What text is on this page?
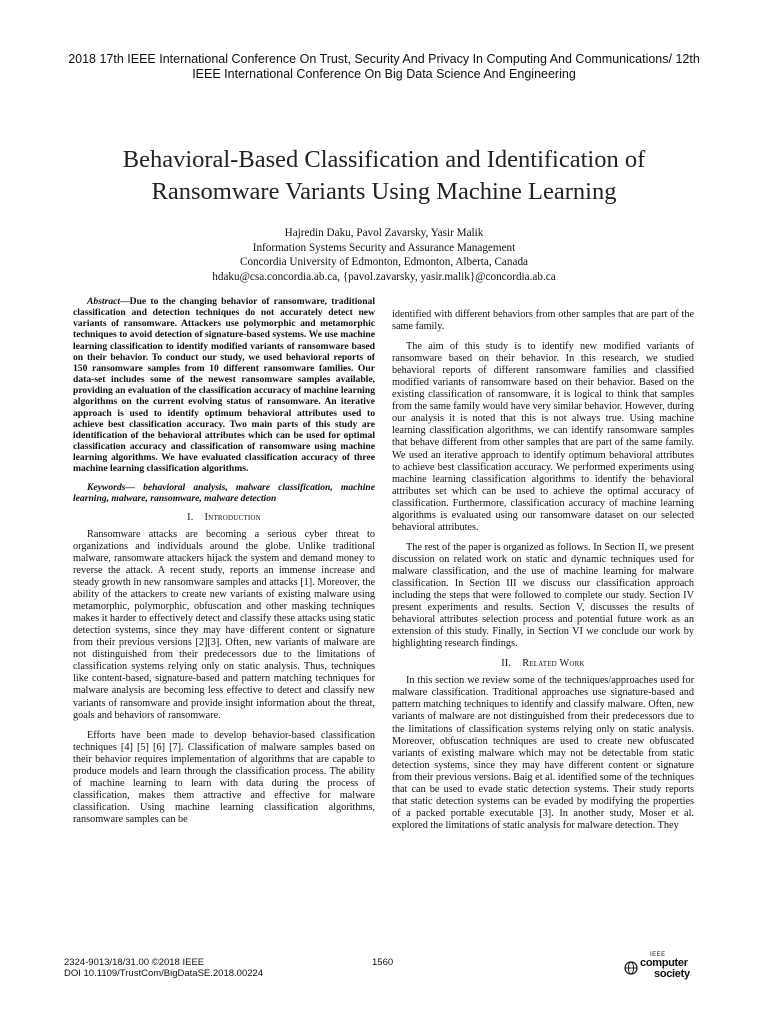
2018 17th IEEE International Conference On Trust, Security And Privacy In Computing And Communications/ 12th
IEEE International Conference On Big Data Science And Engineering
Behavioral-Based Classification and Identification of
Ransomware Variants Using Machine Learning
Hajredin Daku, Pavol Zavarsky, Yasir Malik
Information Systems Security and Assurance Management
Concordia University of Edmonton, Edmonton, Alberta, Canada
hdaku@csa.concordia.ab.ca, {pavol.zavarsky, yasir.malik}@concordia.ab.ca
Abstract—Due to the changing behavior of ransomware, traditional classification and detection techniques do not accurately detect new variants of ransomware. Attackers use polymorphic and metamorphic techniques to avoid detection of signature-based systems. We use machine learning classification to identify modified variants of ransomware based on their behavior. To conduct our study, we used behavioral reports of 150 ransomware samples from 10 different ransomware families. Our data-set includes some of the newest ransomware samples available, providing an evaluation of the classification accuracy of machine learning algorithms on the current evolving status of ransomware. An iterative approach is used to identify optimum behavioral attributes used to achieve best classification accuracy. Two main parts of this study are identification of the behavioral attributes which can be used for optimal classification accuracy and classification of ransomware using machine learning algorithms. We have evaluated classification accuracy of three machine learning classification algorithms.
Keywords— behavioral analysis, malware classification, machine learning, malware, ransomware, malware detection
I. Introduction

Ransomware attacks are becoming a serious cyber threat to organizations and individuals around the globe. Unlike traditional malware, ransomware attackers hijack the system and demand money to reverse the attack. A recent study, reports an immense increase and steady growth in new ransomware samples and attacks [1]. Moreover, the ability of the attackers to create new variants of existing malware using metamorphic, polymorphic, obfuscation and other masking techniques makes it harder to effectively detect and classify these attacks using static detection systems, since they may have different content or signature from their previous versions [2][3]. Often, new variants of malware are not distinguished from their predecessors due to the limitations of classification systems relying only on static analysis. Thus, techniques like content-based, signature-based and pattern matching techniques for malware analysis are becoming less effective to detect and classify new variants of ransomware and provide insight information about the threat, goals and behaviors of ransomware.

Efforts have been made to develop behavior-based classification techniques [4] [5] [6] [7]. Classification of malware samples based on their behavior requires implementation of algorithms that are capable to produce models and learn through the classification process. The ability of machine learning to learn with data during the process of classification, makes them attractive and effective for malware classification. Using machine learning classification algorithms, ransomware samples can be

identified with different behaviors from other samples that are part of the same family.

The aim of this study is to identify new modified variants of ransomware based on their behavior. In this research, we studied behavioral reports of different ransomware families and classified modified variants of ransomware based on their behavior. Based on the existing classification of ransomware, it is logical to think that samples from the same family would have very similar behavior. However, during our analysis it is noted that this is not always true. Using machine learning classification algorithms, we can identify ransomware samples that behave different from other samples that are part of the same family. We used an iterative approach to identify optimum behavioral attributes to achieve best classification accuracy. We performed experiments using machine learning classification algorithms to identify the behavioral attributes set which can be used to achieve the optimal accuracy of classification. Furthermore, classification accuracy of machine learning algorithms is evaluated using our ransomware dataset on our selected behavioral attributes.

The rest of the paper is organized as follows. In Section II, we present discussion on related work on static and dynamic techniques used for malware classification, and the use of machine learning for malware classification. In Section III we discuss our classification approach including the steps that were followed to complete our study. Section IV present experiments and results. Section V, discusses the results of behavioral attributes selection process and potential future work as an extension of this study. Finally, in Section VI we conclude our work by highlighting research findings.

II. Related Work

In this section we review some of the techniques/approaches used for malware classification. Traditional approaches use signature-based and pattern matching techniques to identify and classify malware. Often, new variants of malware are not distinguished from their predecessors due to the limitations of classification systems relying only on static analysis. Moreover, obfuscation techniques are used to create new obfuscated variants of existing malware which may not be detectable from static detection systems, since they may have different content or signature from their previous versions. Baig et al. identified some of the techniques that can be used to evade static detection systems. Their study reports that static detection systems can be evaded by modifying the properties of a packed portable executable [3]. In another study, Moser et al. explored the limitations of static analysis for malware detection. They

2324-9013/18/31.00 ©2018 IEEE
DOI 10.1109/TrustCom/BigDataSE.2018.00224
1560
IEEE
computer
society
